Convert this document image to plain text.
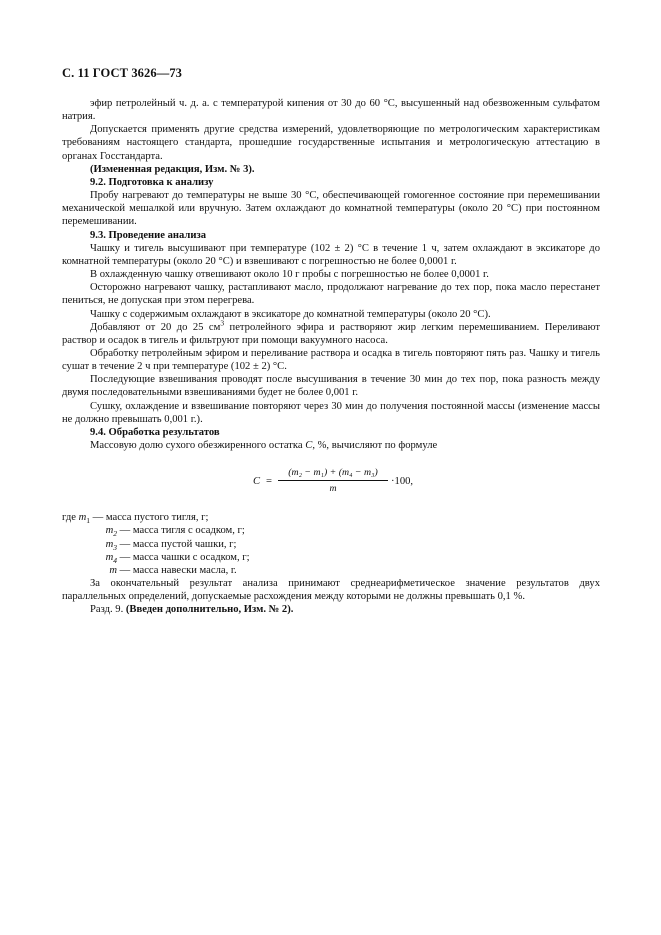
С. 11 ГОСТ 3626—73

эфир петролейный ч. д. а. с температурой кипения от 30 до 60 °С, высушенный над обезвоженным сульфатом натрия.

Допускается применять другие средства измерений, удовлетворяющие по метрологическим характеристикам требованиям настоящего стандарта, прошедшие государственные испытания и метрологическую аттестацию в органах Госстандарта.

(Измененная редакция, Изм. № 3).

9.2. Подготовка к анализу

Пробу нагревают до температуры не выше 30 °С, обеспечивающей гомогенное состояние при перемешивании механической мешалкой или вручную. Затем охлаждают до комнатной температуры (около 20 °С) при постоянном перемешивании.

9.3. Проведение анализа

Чашку и тигель высушивают при температуре (102 ± 2) °С в течение 1 ч, затем охлаждают в эксикаторе до комнатной температуры (около 20 °С) и взвешивают с погрешностью не более 0,0001 г.

В охлажденную чашку отвешивают около 10 г пробы с погрешностью не более 0,0001 г.

Осторожно нагревают чашку, растапливают масло, продолжают нагревание до тех пор, пока масло перестанет пениться, не допуская при этом перегрева.

Чашку с содержимым охлаждают в эксикаторе до комнатной температуры (около 20 °С).

Добавляют от 20 до 25 $см^3$ петролейного эфира и растворяют жир легким перемешиванием. Переливают раствор и осадок в тигель и фильтруют при помощи вакуумного насоса.

Обработку петролейным эфиром и переливание раствора и осадка в тигель повторяют пять раз. Чашку и тигель сушат в течение 2 ч при температуре (102 ± 2) °С.

Последующие взвешивания проводят после высушивания в течение 30 мин до тех пор, пока разность между двумя последовательными взвешиваниями будет не более 0,001 г.

Сушку, охлаждение и взвешивание повторяют через 30 мин до получения постоянной массы (изменение массы не должно превышать 0,001 г.).

9.4. Обработка результатов

Массовую долю сухого обезжиренного остатка С, %, вычисляют по формуле

С =
(m₂ − m₁) + (m₄ − m₃)
m
·100,
где $m_1$ — масса пустого тигля, г;
$m_2$ — масса тигля с осадком, г;
$m_3$ — масса пустой чашки, г;
$m_4$ — масса чашки с осадком, г;
m — масса навески масла, г.

За окончательный результат анализа принимают среднеарифметическое значение результатов двух параллельных определений, допускаемые расхождения между которыми не должны превышать 0,1 %.

Разд. 9. (Введен дополнительно, Изм. № 2).
